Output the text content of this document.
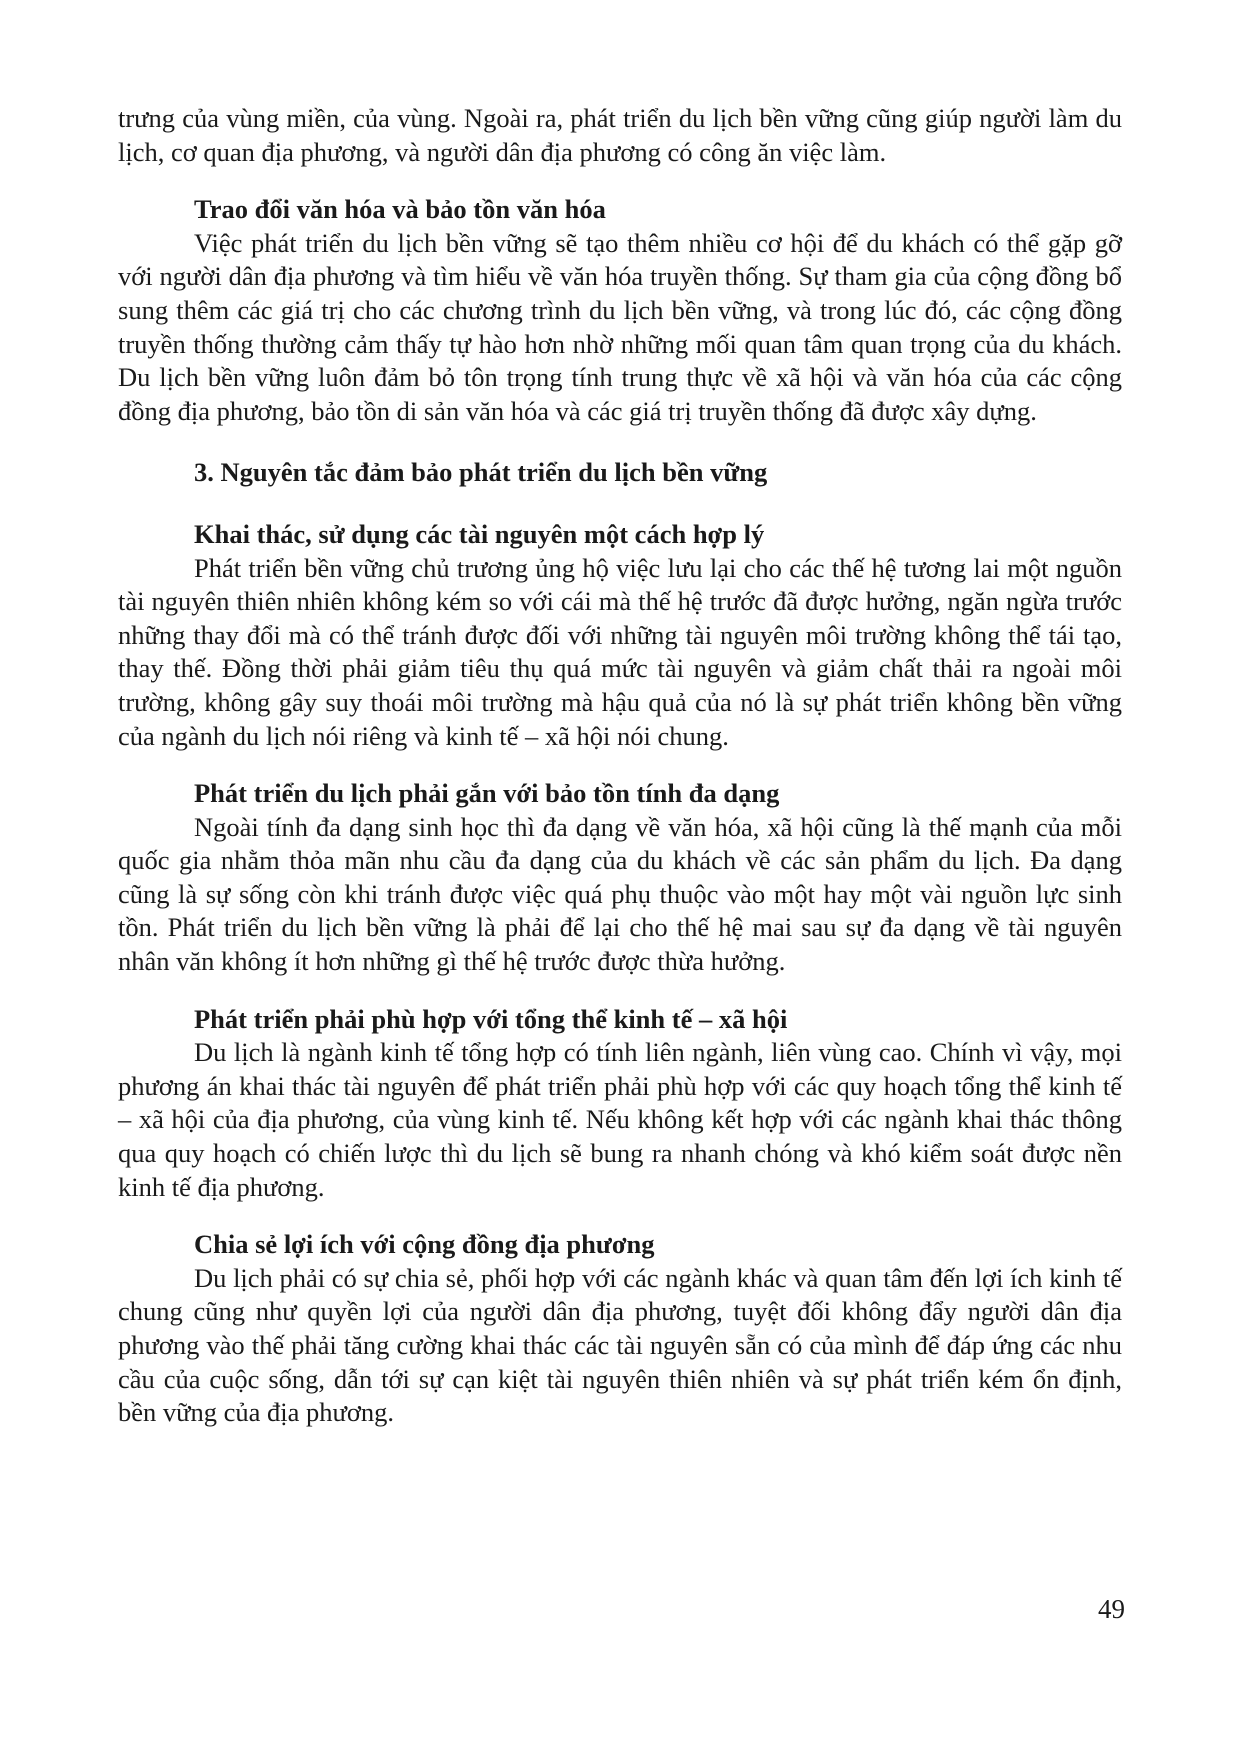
trưng của vùng miền, của vùng. Ngoài ra, phát triển du lịch bền vững cũng giúp người làm du lịch, cơ quan địa phương, và người dân địa phương có công ăn việc làm.

Trao đổi văn hóa và bảo tồn văn hóa

Việc phát triển du lịch bền vững sẽ tạo thêm nhiều cơ hội để du khách có thể gặp gỡ với người dân địa phương và tìm hiểu về văn hóa truyền thống. Sự tham gia của cộng đồng bổ sung thêm các giá trị cho các chương trình du lịch bền vững, và trong lúc đó, các cộng đồng truyền thống thường cảm thấy tự hào hơn nhờ những mối quan tâm quan trọng của du khách. Du lịch bền vững luôn đảm bỏ tôn trọng tính trung thực về xã hội và văn hóa của các cộng đồng địa phương, bảo tồn di sản văn hóa và các giá trị truyền thống đã được xây dựng.

3. Nguyên tắc đảm bảo phát triển du lịch bền vững
Khai thác, sử dụng các tài nguyên một cách hợp lý

Phát triển bền vững chủ trương ủng hộ việc lưu lại cho các thế hệ tương lai một nguồn tài nguyên thiên nhiên không kém so với cái mà thế hệ trước đã được hưởng, ngăn ngừa trước những thay đổi mà có thể tránh được đối với những tài nguyên môi trường không thể tái tạo, thay thế. Đồng thời phải giảm tiêu thụ quá mức tài nguyên và giảm chất thải ra ngoài môi trường, không gây suy thoái môi trường mà hậu quả của nó là sự phát triển không bền vững của ngành du lịch nói riêng và kinh tế – xã hội nói chung.

Phát triển du lịch phải gắn với bảo tồn tính đa dạng

Ngoài tính đa dạng sinh học thì đa dạng về văn hóa, xã hội cũng là thế mạnh của mỗi quốc gia nhằm thỏa mãn nhu cầu đa dạng của du khách về các sản phẩm du lịch. Đa dạng cũng là sự sống còn khi tránh được việc quá phụ thuộc vào một hay một vài nguồn lực sinh tồn. Phát triển du lịch bền vững là phải để lại cho thế hệ mai sau sự đa dạng về tài nguyên nhân văn không ít hơn những gì thế hệ trước được thừa hưởng.

Phát triển phải phù hợp với tổng thể kinh tế – xã hội

Du lịch là ngành kinh tế tổng hợp có tính liên ngành, liên vùng cao. Chính vì vậy, mọi phương án khai thác tài nguyên để phát triển phải phù hợp với các quy hoạch tổng thể kinh tế – xã hội của địa phương, của vùng kinh tế. Nếu không kết hợp với các ngành khai thác thông qua quy hoạch có chiến lược thì du lịch sẽ bung ra nhanh chóng và khó kiểm soát được nền kinh tế địa phương.

Chia sẻ lợi ích với cộng đồng địa phương

Du lịch phải có sự chia sẻ, phối hợp với các ngành khác và quan tâm đến lợi ích kinh tế chung cũng như quyền lợi của người dân địa phương, tuyệt đối không đẩy người dân địa phương vào thế phải tăng cường khai thác các tài nguyên sẵn có của mình để đáp ứng các nhu cầu của cuộc sống, dẫn tới sự cạn kiệt tài nguyên thiên nhiên và sự phát triển kém ổn định, bền vững của địa phương.

49
